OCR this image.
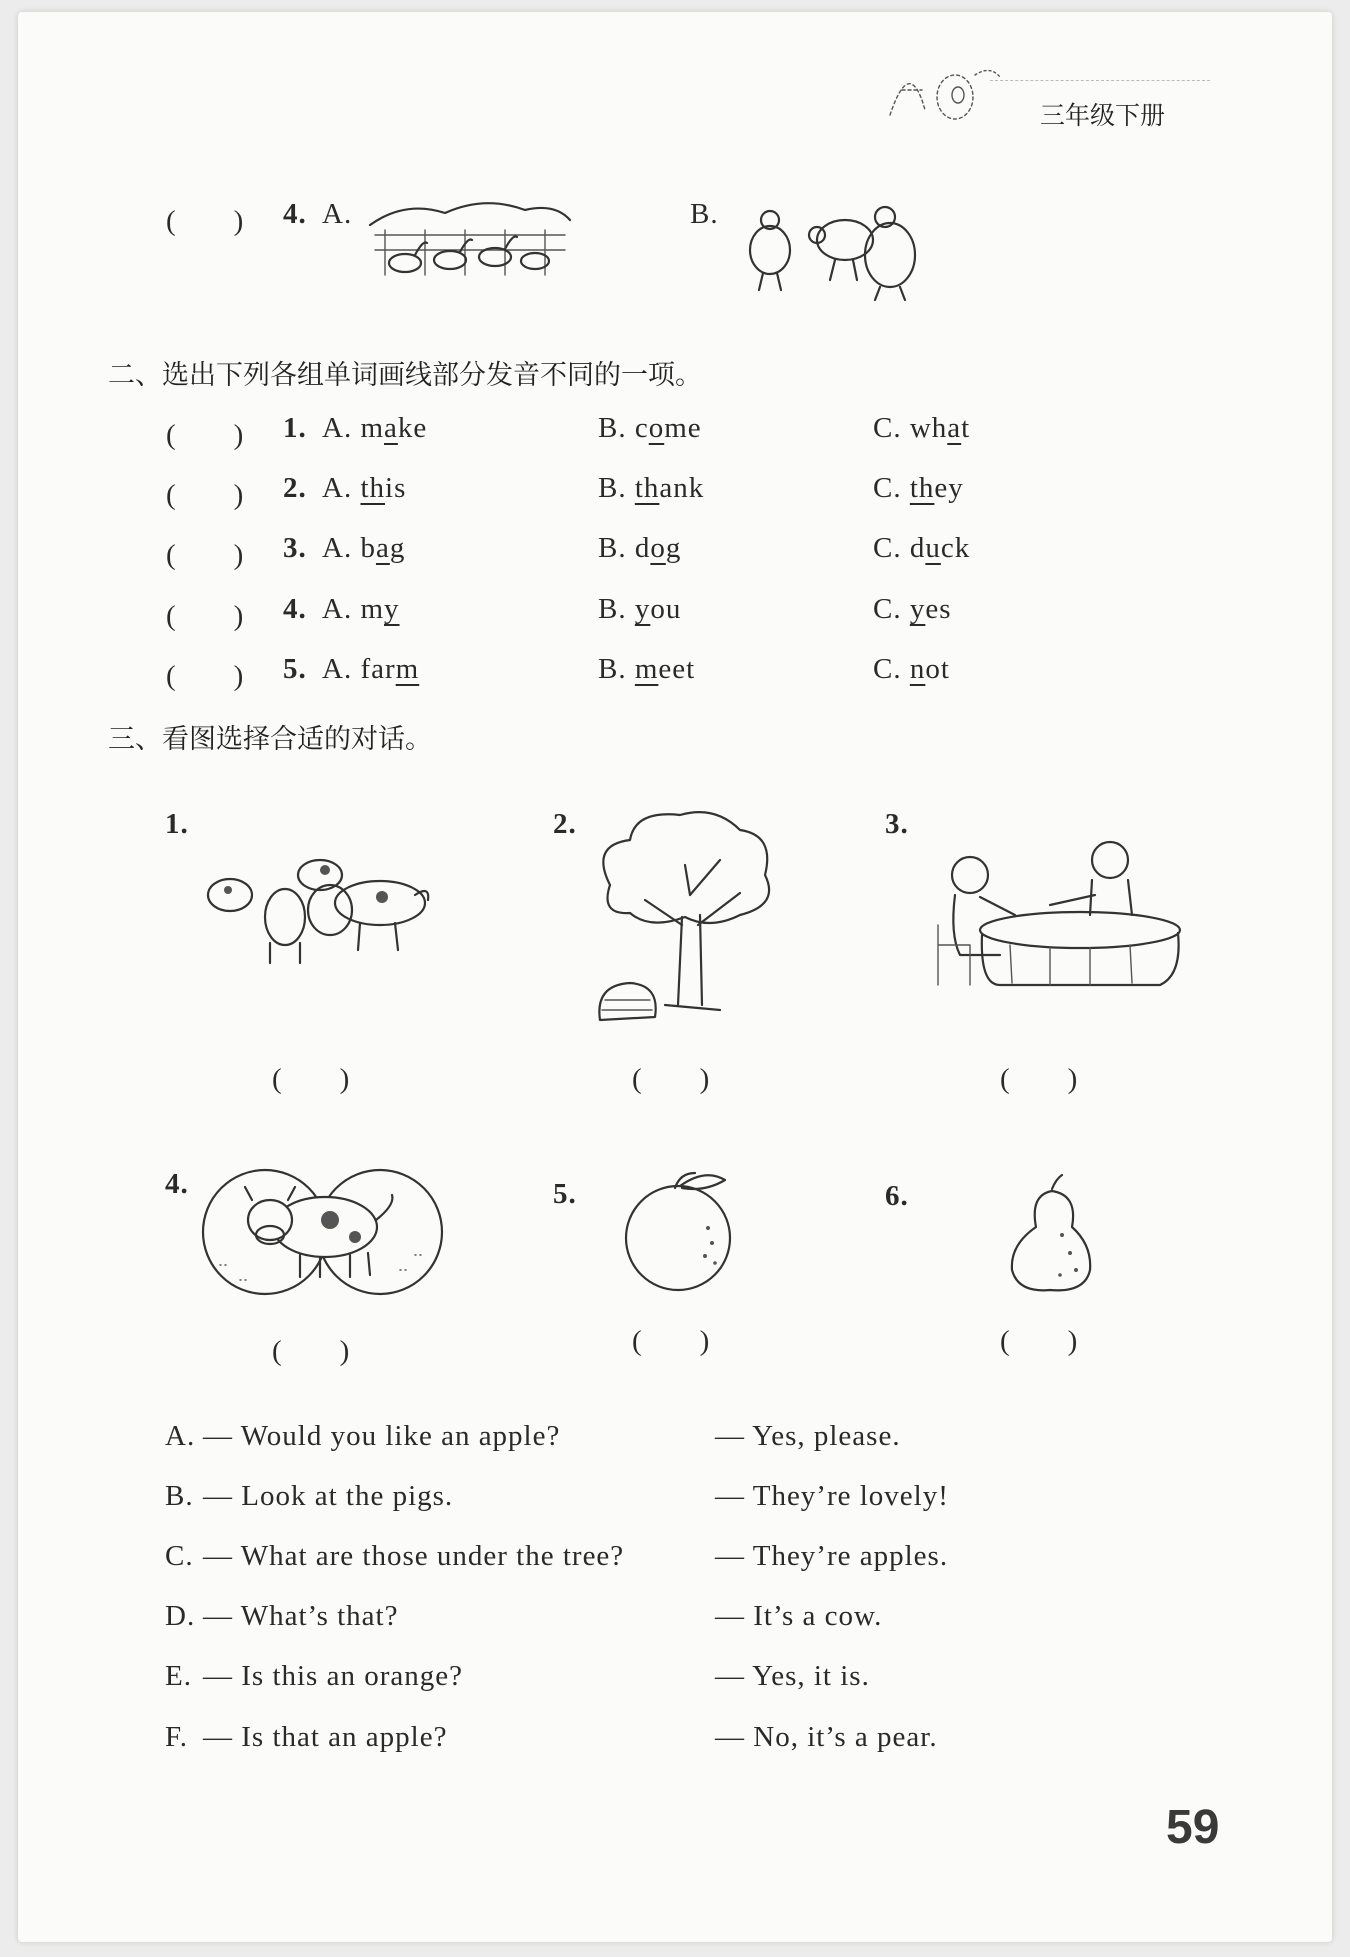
三年级下册
(　　) 4. A.	B.
二、选出下列各组单词画线部分发音不同的一项。
(　　) 1. A. make	B. come	C. what
(　　) 2. A. this	B. thank	C. they
(　　) 3. A. bag	B. dog	C. duck
(　　) 4. A. my	B. you	C. yes
(　　) 5. A. farm	B. meet	C. not
三、看图选择合适的对话。
1.	2.	3.
4.	5.	6.
(　　)	(　　)	(　　)
(　　)	(　　)	(　　)
A. — Would you like an apple?	— Yes, please.
B. — Look at the pigs.	— They’re lovely!
C. — What are those under the tree?	— They’re apples.
D. — What’s that?	— It’s a cow.
E. — Is this an orange?	— Yes, it is.
F. — Is that an apple?	— No, it’s a pear.
59
